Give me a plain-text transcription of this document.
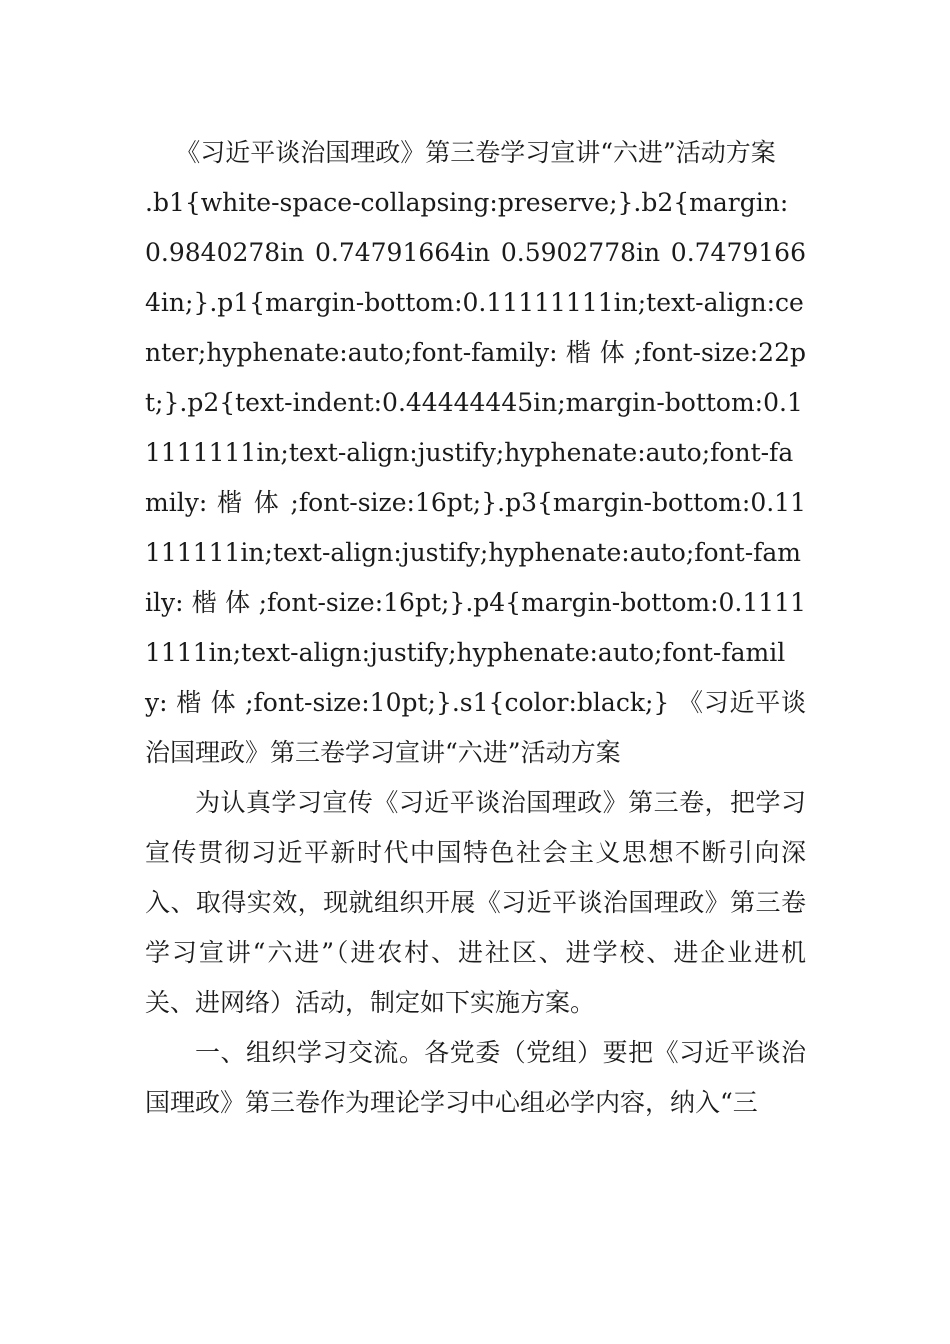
《习近平谈治国理政》第三卷学习宣讲“六进”活动方案

.b1{white-space-collapsing:preserve;}.b2{margin: 0.9840278in 0.74791664in 0.5902778in 0.74791664in;}.p1{margin-bottom:0.11111111in;text-align:center;hyphenate:auto;font-family: 楷 体 ;font-size:22pt;}.p2{text-indent:0.44444445in;margin-bottom:0.11111111in;text-align:justify;hyphenate:auto;font-family: 楷 体 ;font-size:16pt;}.p3{margin-bottom:0.11111111in;text-align:justify;hyphenate:auto;font-family: 楷 体 ;font-size:16pt;}.p4{margin-bottom:0.11111111in;text-align:justify;hyphenate:auto;font-family: 楷 体 ;font-size:10pt;}.s1{color:black;} 《习近平谈治国理政》第三卷学习宣讲“六进”活动方案

为认真学习宣传《习近平谈治国理政》第三卷，把学习宣传贯彻习近平新时代中国特色社会主义思想不断引向深入、取得实效，现就组织开展《习近平谈治国理政》第三卷学习宣讲“六进”（进农村、进社区、进学校、进企业进机关、进网络）活动，制定如下实施方案。

一、组织学习交流。各党委（党组）要把《习近平谈治国理政》第三卷作为理论学习中心组必学内容，纳入“三
